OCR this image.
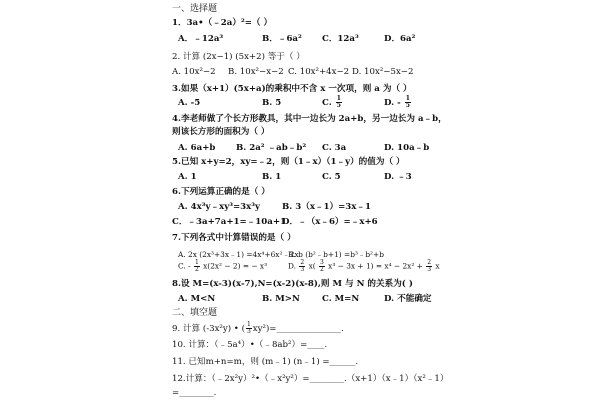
一、选择题
1．3a•（﹣2a）²=（ ）
A．﹣12a³	B．﹣6a² C．12a³	D．6a²
2. 计算 (2x−1) (5x+2) 等于（ ）
A. 10x²−2 B. 10x²−x−2 C. 10x²+4x−2 D. 10x²−5x−2
3.如果（x+1）(5x+a)的乘积中不含 x 一次项，则 a 为（ ）
A. -5	B. 5	C. $\frac{1}{5}$	D. - $\frac{1}{5}$
4.李老师做了个长方形教具，其中一边长为 2a+b，另一边长为 a﹣b，
则该长方形的面积为（ ）
A. 6a+b B. 2a² ﹣ab﹣b² C. 3a	D. 10a﹣b
5.已知 x+y=2，xy=﹣2，则（1﹣x）（1﹣y）的值为（ ）
A. 1	B. 1	C. 5	D. ﹣3
6.下列运算正确的是（ ）
A. 4x³y﹣xy³=3x³y	B. 3（x﹣1）=3x﹣1
C．﹣3a+7a+1=﹣10a+1
D．﹣（x﹣6）=﹣x+6
7.下列各式中计算错误的是（ ）
A. 2x (2x³+3x﹣1) =4x⁴+6x²﹣2x
B. b (b²﹣b+1) =b³﹣b²+b
C. - $\frac{1}{2} x(2x^2 - 2)$ = − x³	D. $\frac{2}{3} x( \frac{3}{2} x^3 - 3x + 1) = x^4 - 2x^2 + \frac{2}{3}$ x
8.设 M=(x-3)(x-7),N=(x-2)(x-8),则 M 与 N 的关系为( )
A. M<N	B. M>N	C. M=N	D. 不能确定
二、填空题
9. 计算 (-3x²y) • ( $\frac{1}{3}$ xy²)=_______________.
10. 计算：（﹣5a⁴）•（﹣8ab²）=____.
11. 已知m+n=m，则 (m﹣1) (n﹣1) =______.
12.计算：（﹣2x²y）²•（﹣x²y²）=________.（x+1）（x﹣1）（x²﹣1）
=________.
